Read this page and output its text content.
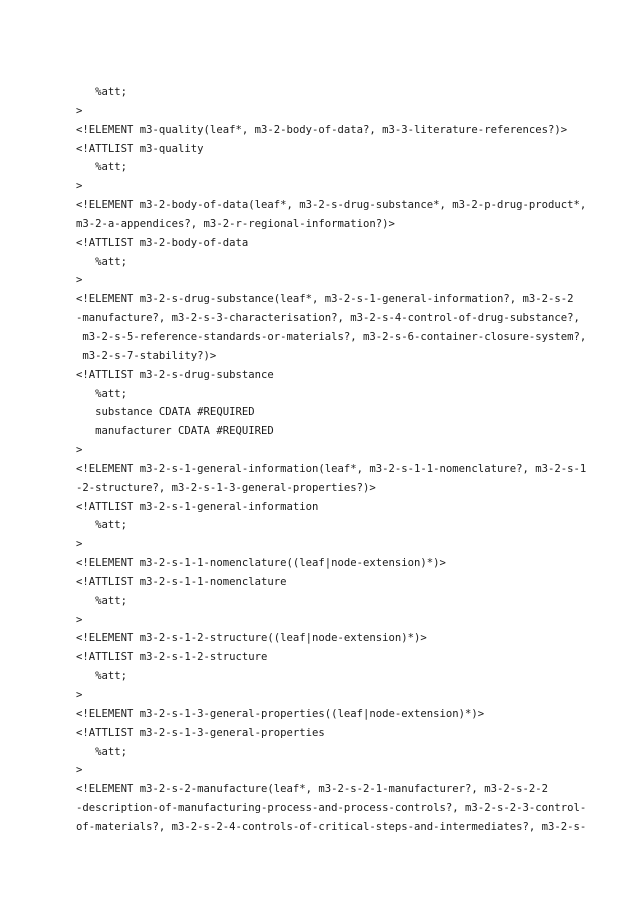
%att;
>
<!ELEMENT m3-quality(leaf*, m3-2-body-of-data?, m3-3-literature-references?)>
<!ATTLIST m3-quality
%att;
>
<!ELEMENT m3-2-body-of-data(leaf*, m3-2-s-drug-substance*, m3-2-p-drug-product*,
m3-2-a-appendices?, m3-2-r-regional-information?)>
<!ATTLIST m3-2-body-of-data
%att;
>
<!ELEMENT m3-2-s-drug-substance(leaf*, m3-2-s-1-general-information?, m3-2-s-2
-manufacture?, m3-2-s-3-characterisation?, m3-2-s-4-control-of-drug-substance?,
m3-2-s-5-reference-standards-or-materials?, m3-2-s-6-container-closure-system?,
m3-2-s-7-stability?)>
<!ATTLIST m3-2-s-drug-substance
%att;
substance CDATA #REQUIRED
manufacturer CDATA #REQUIRED
>
<!ELEMENT m3-2-s-1-general-information(leaf*, m3-2-s-1-1-nomenclature?, m3-2-s-1
-2-structure?, m3-2-s-1-3-general-properties?)>
<!ATTLIST m3-2-s-1-general-information
%att;
>
<!ELEMENT m3-2-s-1-1-nomenclature((leaf|node-extension)*)>
<!ATTLIST m3-2-s-1-1-nomenclature
%att;
>
<!ELEMENT m3-2-s-1-2-structure((leaf|node-extension)*)>
<!ATTLIST m3-2-s-1-2-structure
%att;
>
<!ELEMENT m3-2-s-1-3-general-properties((leaf|node-extension)*)>
<!ATTLIST m3-2-s-1-3-general-properties
%att;
>
<!ELEMENT m3-2-s-2-manufacture(leaf*, m3-2-s-2-1-manufacturer?, m3-2-s-2-2
-description-of-manufacturing-process-and-process-controls?, m3-2-s-2-3-control-
of-materials?, m3-2-s-2-4-controls-of-critical-steps-and-intermediates?, m3-2-s-
